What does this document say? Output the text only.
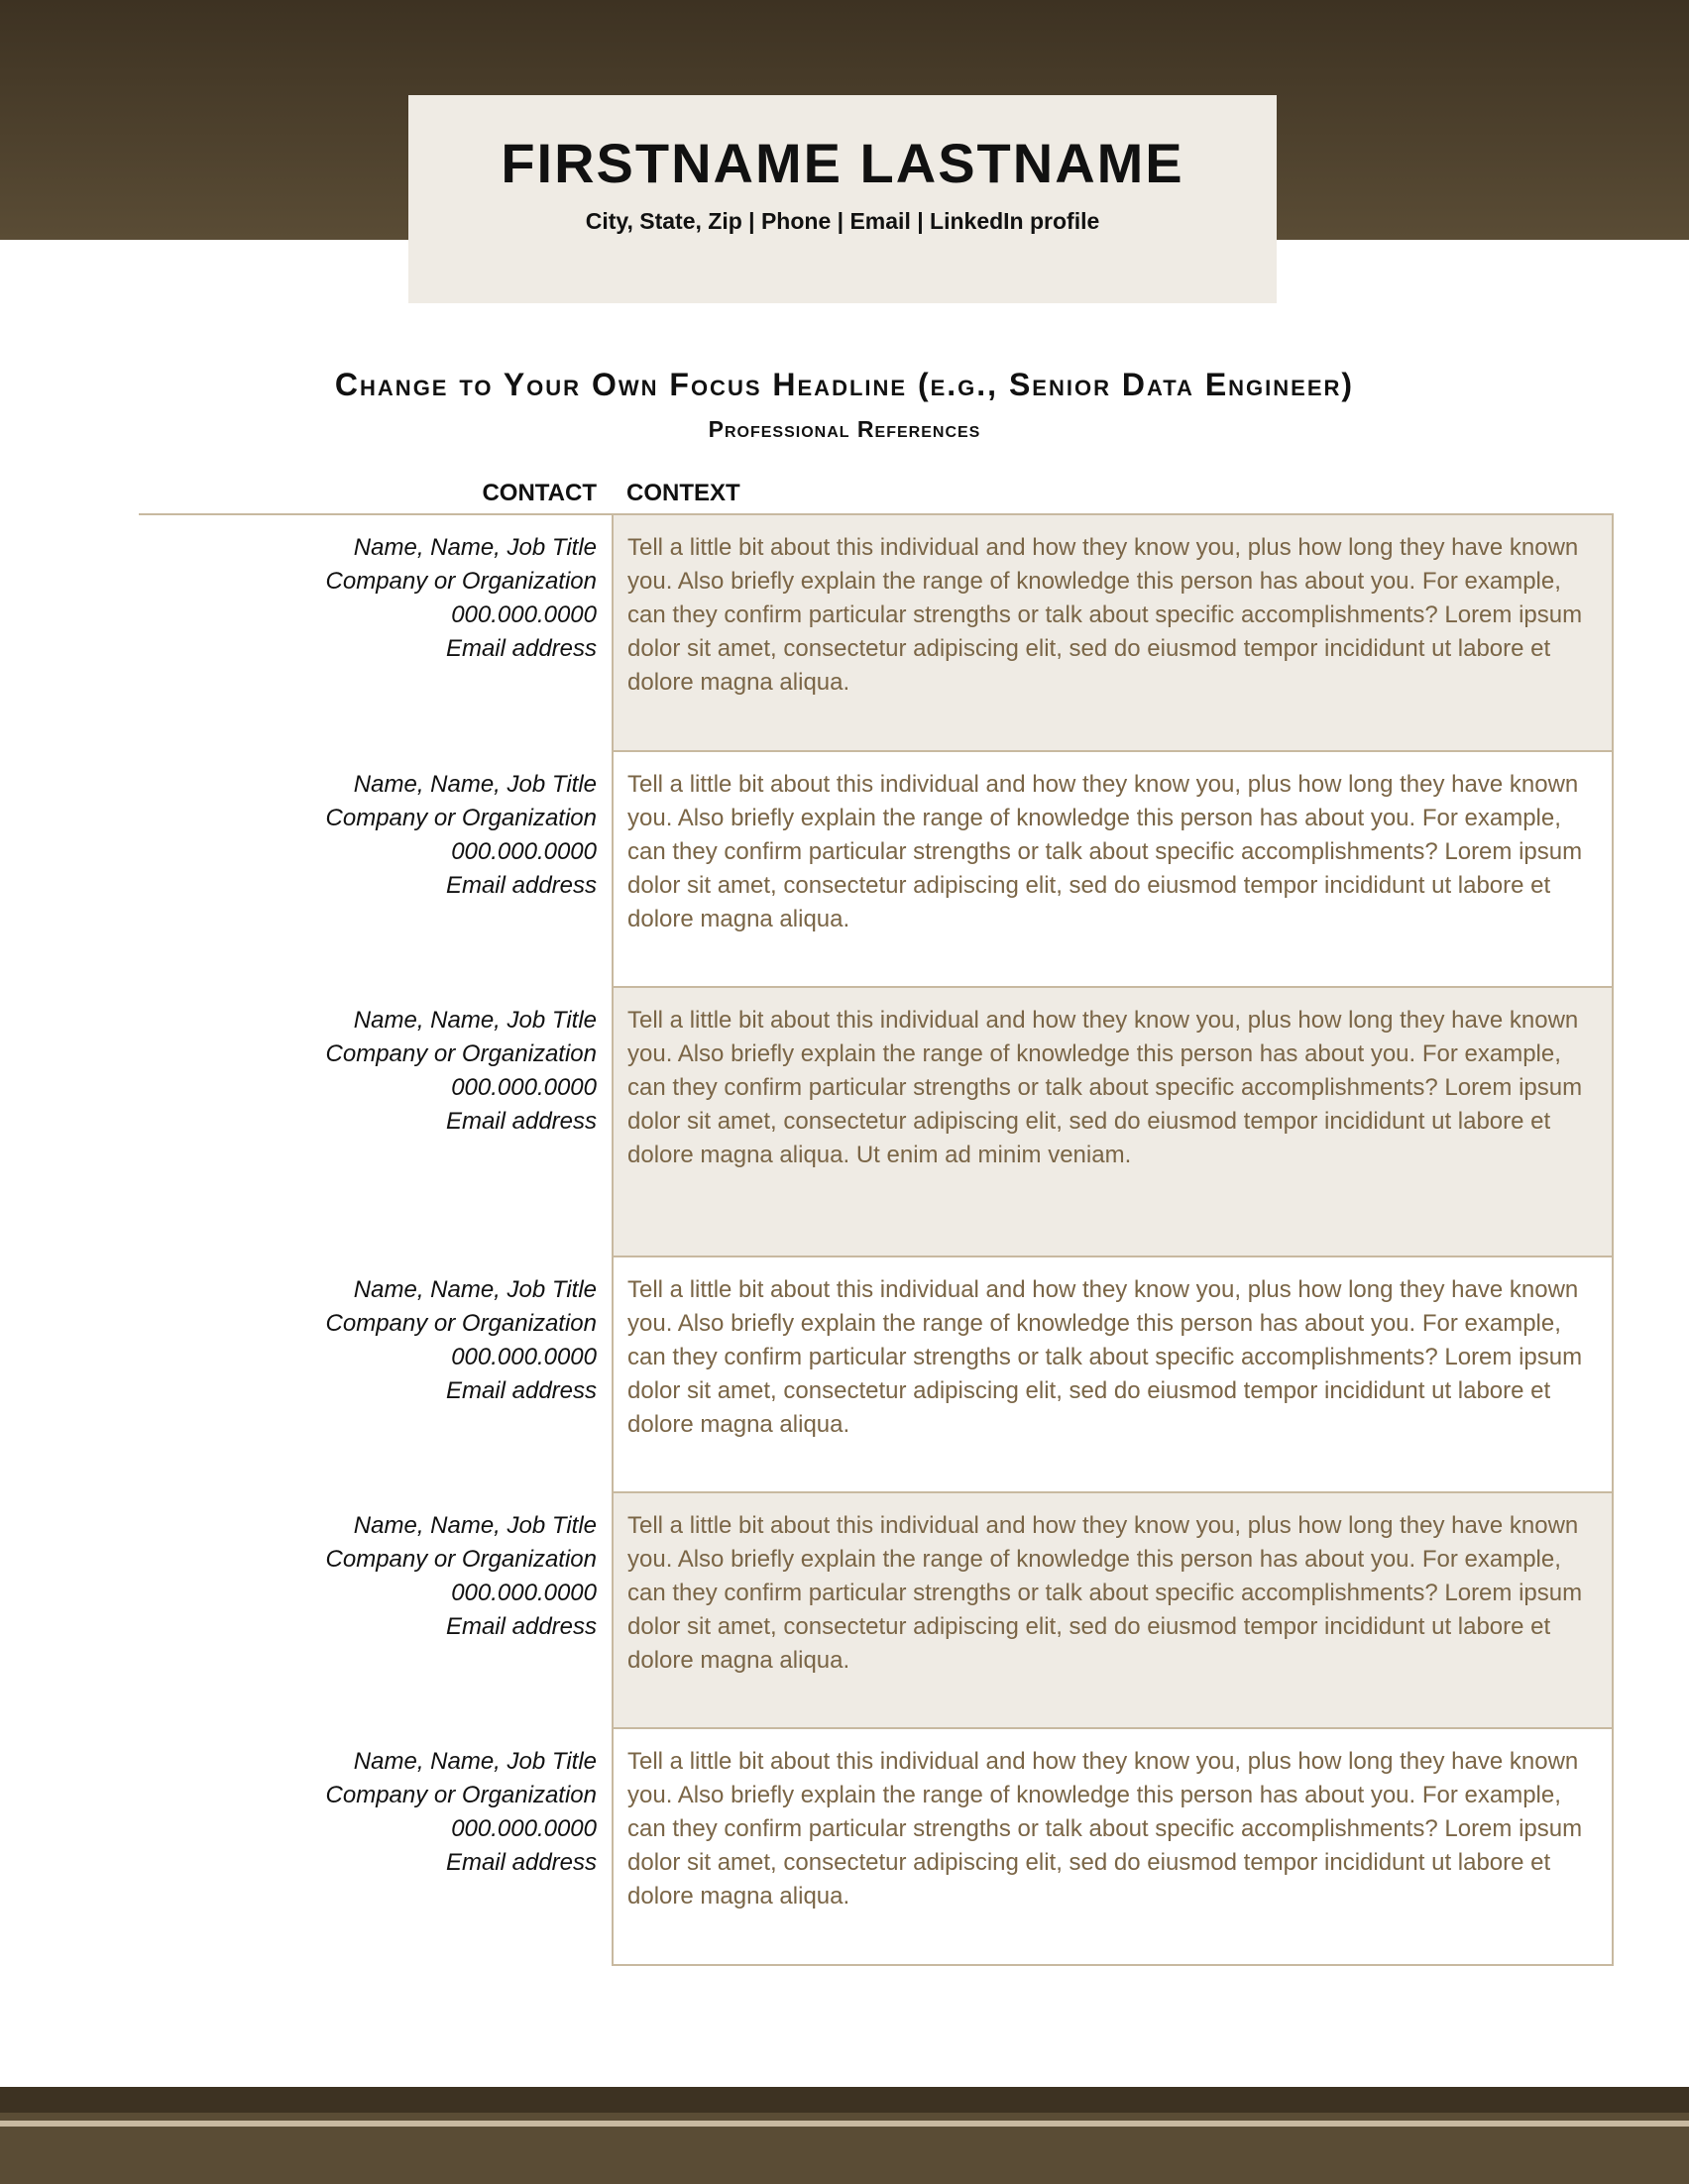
FIRSTNAME LASTNAME
City, State, Zip | Phone | Email | LinkedIn profile
Change to Your Own Focus Headline (e.g., Senior Data Engineer)
Professional References
CONTACT CONTEXT
Name, Name, Job Title
Company or Organization
000.000.0000
Email address
Tell a little bit about this individual and how they know you, plus how long they have known you. Also briefly explain the range of knowledge this person has about you. For example, can they confirm particular strengths or talk about specific accomplishments? Lorem ipsum dolor sit amet, consectetur adipiscing elit, sed do eiusmod tempor incididunt ut labore et dolore magna aliqua.
Name, Name, Job Title
Company or Organization
000.000.0000
Email address
Tell a little bit about this individual and how they know you, plus how long they have known you. Also briefly explain the range of knowledge this person has about you. For example, can they confirm particular strengths or talk about specific accomplishments? Lorem ipsum dolor sit amet, consectetur adipiscing elit, sed do eiusmod tempor incididunt ut labore et dolore magna aliqua.
Name, Name, Job Title
Company or Organization
000.000.0000
Email address
Tell a little bit about this individual and how they know you, plus how long they have known you. Also briefly explain the range of knowledge this person has about you. For example, can they confirm particular strengths or talk about specific accomplishments? Lorem ipsum dolor sit amet, consectetur adipiscing elit, sed do eiusmod tempor incididunt ut labore et dolore magna aliqua. Ut enim ad minim veniam.
Name, Name, Job Title
Company or Organization
000.000.0000
Email address
Tell a little bit about this individual and how they know you, plus how long they have known you. Also briefly explain the range of knowledge this person has about you. For example, can they confirm particular strengths or talk about specific accomplishments? Lorem ipsum dolor sit amet, consectetur adipiscing elit, sed do eiusmod tempor incididunt ut labore et dolore magna aliqua.
Name, Name, Job Title
Company or Organization
000.000.0000
Email address
Tell a little bit about this individual and how they know you, plus how long they have known you. Also briefly explain the range of knowledge this person has about you. For example, can they confirm particular strengths or talk about specific accomplishments? Lorem ipsum dolor sit amet, consectetur adipiscing elit, sed do eiusmod tempor incididunt ut labore et dolore magna aliqua.
Name, Name, Job Title
Company or Organization
000.000.0000
Email address
Tell a little bit about this individual and how they know you, plus how long they have known you. Also briefly explain the range of knowledge this person has about you. For example, can they confirm particular strengths or talk about specific accomplishments? Lorem ipsum dolor sit amet, consectetur adipiscing elit, sed do eiusmod tempor incididunt ut labore et dolore magna aliqua.
